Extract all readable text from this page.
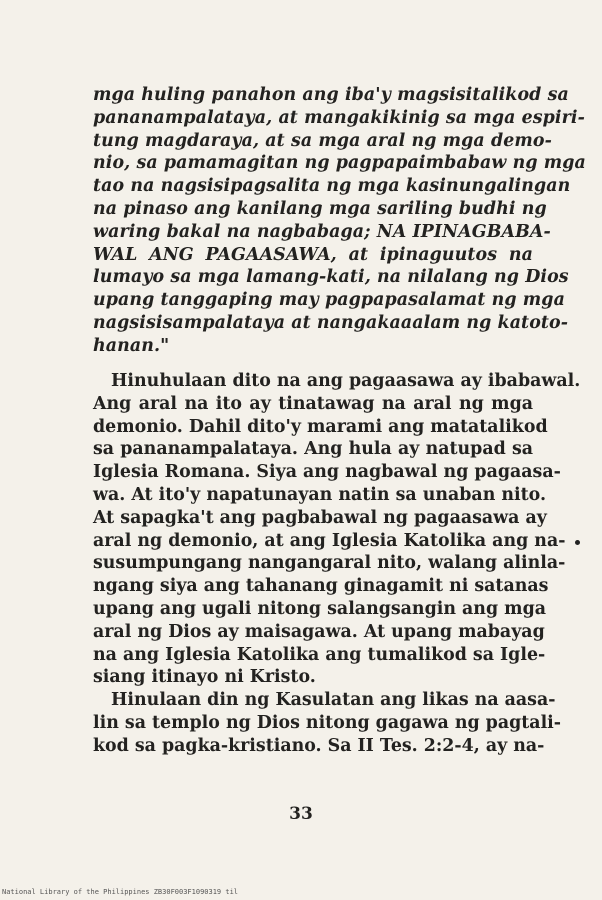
mga huling panahon ang iba'y magsisitalikod sa
pananampalataya, at mangakikinig sa mga espiri-
tung magdaraya, at sa mga aral ng mga demo-
nio, sa pamamagitan ng pagpapaimbabaw ng mga
tao na nagsisipagsalita ng mga kasinungalingan
na pinaso ang kanilang mga sariling budhi ng
waring bakal na nagbabaga; NA IPINAGBABA-
WAL ANG PAGAASAWA, at ipinaguutos na
lumayo sa mga lamang-kati, na nilalang ng Dios
upang tanggaping may pagpapasalamat ng mga
nagsisisampalataya at nangakaaalam ng katoto-
hanan."
Hinuhulaan dito na ang pagaasawa ay ibabawal.
Ang aral na ito ay tinatawag na aral ng mga
demonio. Dahil dito'y marami ang matatalikod
sa pananampalataya. Ang hula ay natupad sa
Iglesia Romana. Siya ang nagbawal ng pagaasa-
wa. At ito'y napatunayan natin sa unaban nito.
At sapagka't ang pagbabawal ng pagaasawa ay
aral ng demonio, at ang Iglesia Katolika ang na-
susumpungang nangangaral nito, walang alinla-
ngang siya ang tahanang ginagamit ni satanas
upang ang ugali nitong salangsangin ang mga
aral ng Dios ay maisagawa. At upang mabayag
na ang Iglesia Katolika ang tumalikod sa Igle-
siang itinayo ni Kristo.
Hinulaan din ng Kasulatan ang likas na aasa-
lin sa templo ng Dios nitong gagawa ng pagtali-
kod sa pagka-kristiano. Sa II Tes. 2:2-4, ay na-
33
National Library of the Philippines ZB30F003F1090319 til
